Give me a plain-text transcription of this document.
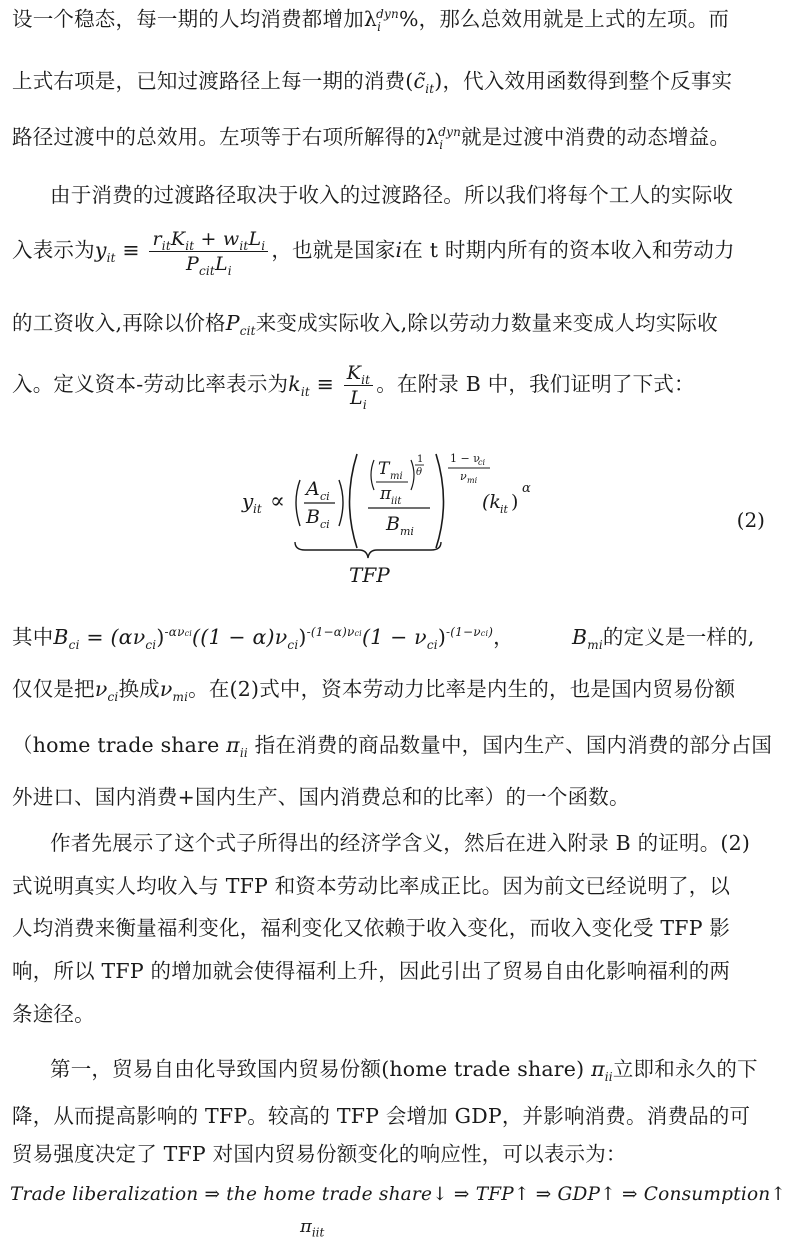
设一个稳态，每一期的人均消费都增加$\lambda_i^{dyn}\%$，那么总效用就是上式的左项。而
上式右项是，已知过渡路径上每一期的消费$(c̃_{it})$，代入效用函数得到整个反事实
路径过渡中的总效用。左项等于右项所解得的$\lambda_i^{dyn}$就是过渡中消费的动态增益。
由于消费的过渡路径取决于收入的过渡路径。所以我们将每个工人的实际收
入表示为$y_{it} \equiv \frac{r_{it}K_{it} + w_{it}L_i}{P_{cit}L_i}$ ，也就是国家i在 t 时期内所有的资本收入和劳动力
的工资收入,再除以价格$P_{cit}$来变成实际收入,除以劳动力数量来变成人均实际收
入。定义资本-劳动比率表示为$k_{it} \equiv \frac{K_{it}}{L_i}$ 。在附录 B 中，我们证明了下式：
y it ∝ A ci
B ci
T mi
π iit
1
θ
B mi
1 − ν
ci
ν mi
(k it )
α
TFP
(2)
其中$B_{ci} = (\alpha\nu_{ci})^{-\alpha\nu ci}((1 - \alpha)\nu_{ci})^{-(1-\alpha)\nu ci}(1 - \nu_{ci})^{-(1-\nu ci)}$，	$B_{mi}$的定义是一样的,
仅仅是把$\nu_{ci}$换成$\nu_{mi}$。在(2)式中，资本劳动力比率是内生的，也是国内贸易份额
（home trade share $\pi_{ii}$ 指在消费的商品数量中，国内生产、国内消费的部分占国
外进口、国内消费+国内生产、国内消费总和的比率）的一个函数。
作者先展示了这个式子所得出的经济学含义，然后在进入附录 B 的证明。(2)
式说明真实人均收入与 TFP 和资本劳动比率成正比。因为前文已经说明了，以
人均消费来衡量福利变化，福利变化又依赖于收入变化，而收入变化受 TFP 影
响，所以 TFP 的增加就会使得福利上升，因此引出了贸易自由化影响福利的两
条途径。
第一，贸易自由化导致国内贸易份额(home trade share) $\pi_{ii}$立即和永久的下
降，从而提高影响的 TFP。较高的 TFP 会增加 GDP，并影响消费。消费品的可
贸易强度决定了 TFP 对国内贸易份额变化的响应性，可以表示为：
Trade liberalization ⇒ the home trade share↓ ⇒ TFP↑ ⇒ GDP↑ ⇒ Consumption↑
$\pi_{iit}$
